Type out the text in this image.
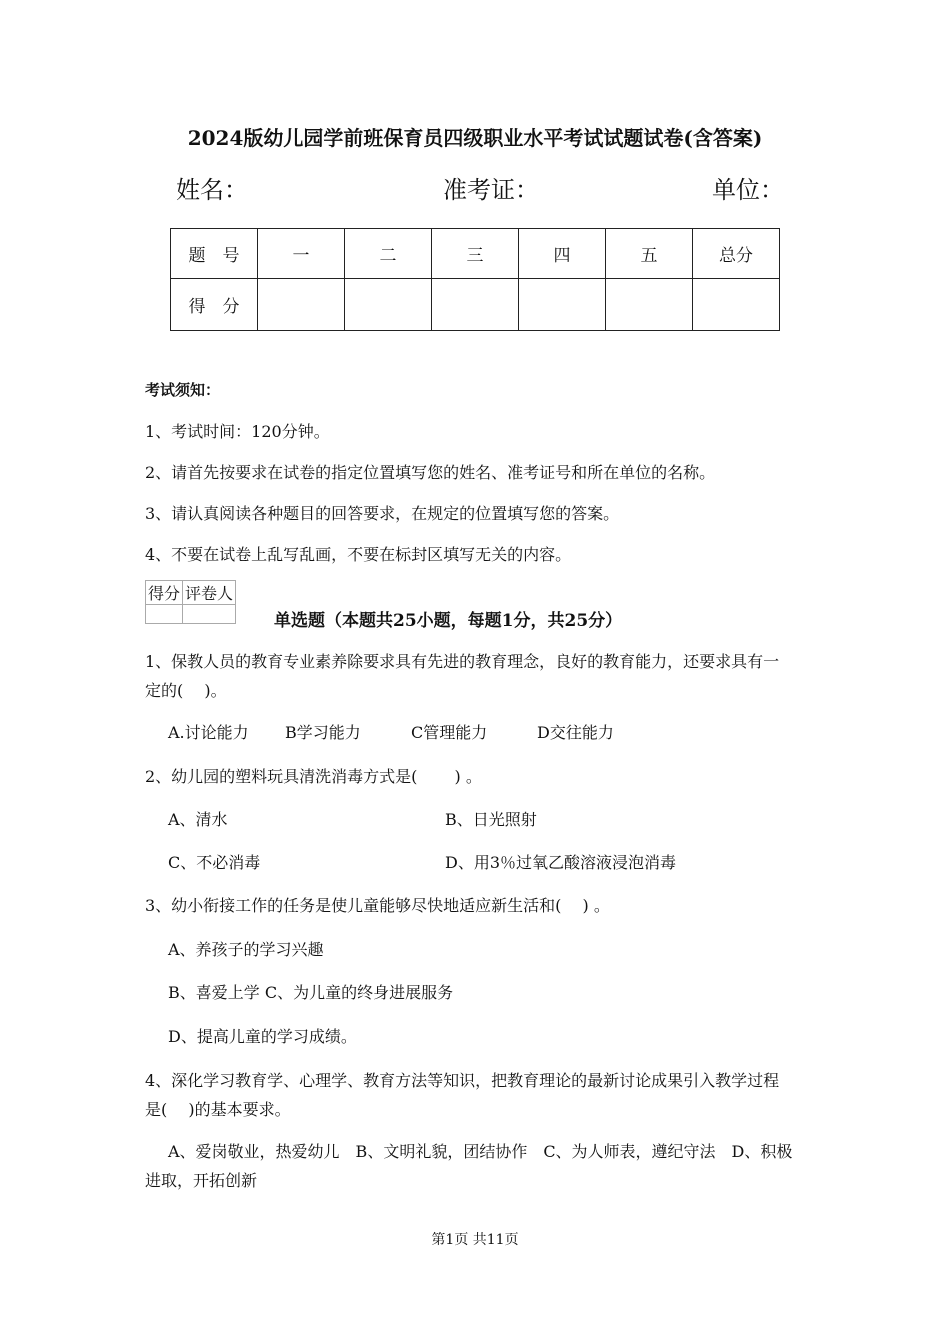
2024版幼儿园学前班保育员四级职业水平考试试题试卷(含答案)
姓名：	准考证：	单位：
题　号	一	二	三	四	五	总分
得　分						
考试须知：
1、考试时间：120分钟。
2、请首先按要求在试卷的指定位置填写您的姓名、准考证号和所在单位的名称。
3、请认真阅读各种题目的回答要求，在规定的位置填写您的答案。
4、不要在试卷上乱写乱画，不要在标封区填写无关的内容。
得分	评卷人

单选题（本题共25小题，每题1分，共25分）
1、保教人员的教育专业素养除要求具有先进的教育理念，良好的教育能力，还要求具有一
定的(　 )。
A.讨论能力 B学习能力	C管理能力	D交往能力
2、幼儿园的塑料玩具清洗消毒方式是(　　 ) 。
A、清水	B、日光照射
C、不必消毒	D、用3％过氧乙酸溶液浸泡消毒
3、幼小衔接工作的任务是使儿童能够尽快地适应新生活和(　 ) 。
A、养孩子的学习兴趣
B、喜爱上学 C、为儿童的终身进展服务
D、提高儿童的学习成绩。
4、深化学习教育学、心理学、教育方法等知识，把教育理论的最新讨论成果引入教学过程
是(　 )的基本要求。
A、爱岗敬业，热爱幼儿　B、文明礼貌，团结协作　C、为人师表，遵纪守法　D、积极
进取，开拓创新
第1页 共11页
